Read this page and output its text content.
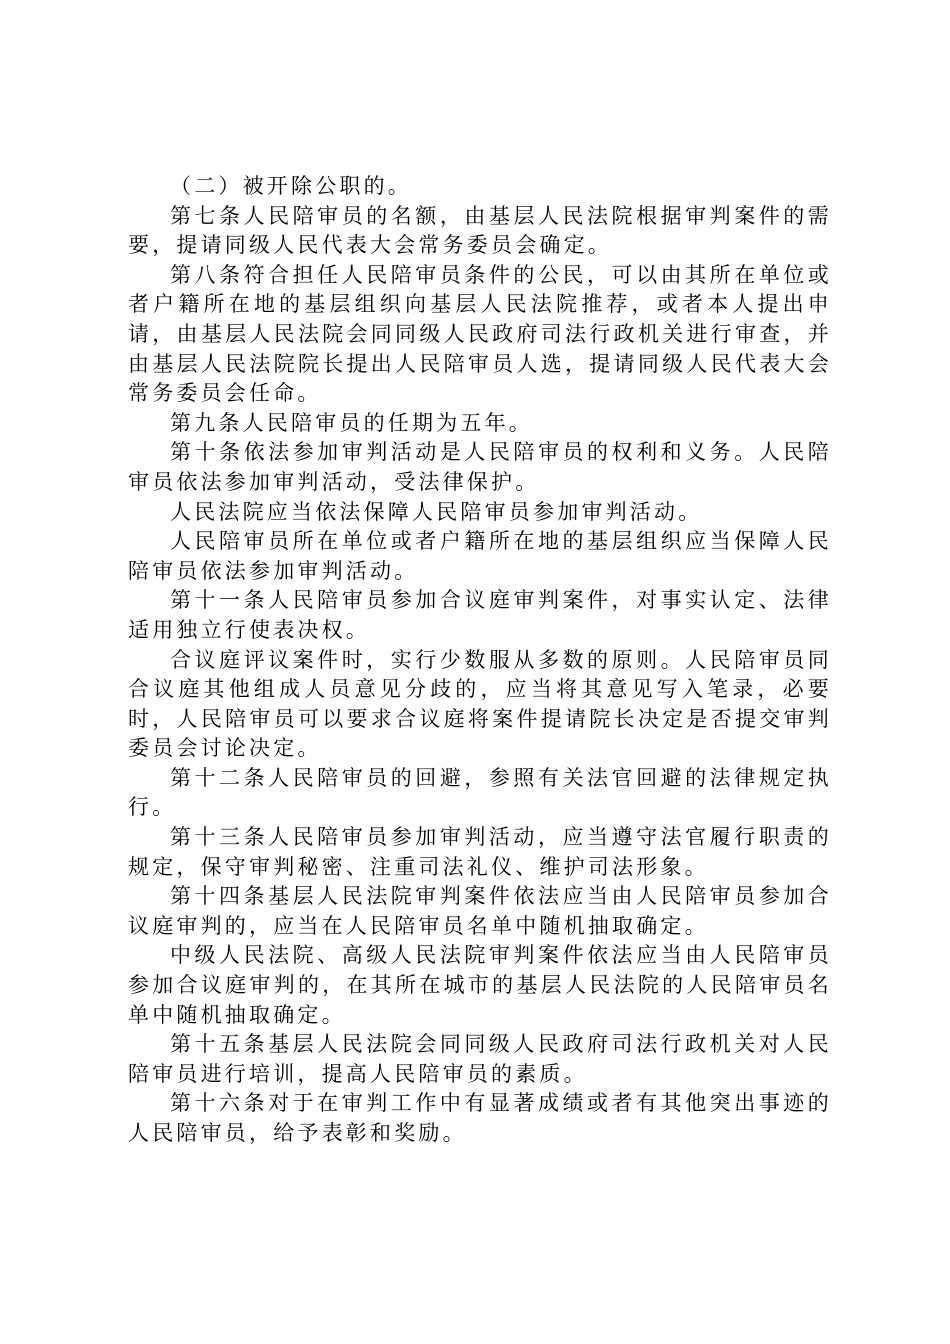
（二）被开除公职的。

第七条人民陪审员的名额，由基层人民法院根据审判案件的需要，提请同级人民代表大会常务委员会确定。

第八条符合担任人民陪审员条件的公民，可以由其所在单位或者户籍所在地的基层组织向基层人民法院推荐，或者本人提出申请，由基层人民法院会同同级人民政府司法行政机关进行审查，并由基层人民法院院长提出人民陪审员人选，提请同级人民代表大会常务委员会任命。

第九条人民陪审员的任期为五年。

第十条依法参加审判活动是人民陪审员的权利和义务。人民陪审员依法参加审判活动，受法律保护。

人民法院应当依法保障人民陪审员参加审判活动。

人民陪审员所在单位或者户籍所在地的基层组织应当保障人民陪审员依法参加审判活动。

第十一条人民陪审员参加合议庭审判案件，对事实认定、法律适用独立行使表决权。

合议庭评议案件时，实行少数服从多数的原则。人民陪审员同合议庭其他组成人员意见分歧的，应当将其意见写入笔录，必要时，人民陪审员可以要求合议庭将案件提请院长决定是否提交审判委员会讨论决定。

第十二条人民陪审员的回避，参照有关法官回避的法律规定执行。

第十三条人民陪审员参加审判活动，应当遵守法官履行职责的规定，保守审判秘密、注重司法礼仪、维护司法形象。

第十四条基层人民法院审判案件依法应当由人民陪审员参加合议庭审判的，应当在人民陪审员名单中随机抽取确定。

中级人民法院、高级人民法院审判案件依法应当由人民陪审员参加合议庭审判的，在其所在城市的基层人民法院的人民陪审员名单中随机抽取确定。

第十五条基层人民法院会同同级人民政府司法行政机关对人民陪审员进行培训，提高人民陪审员的素质。

第十六条对于在审判工作中有显著成绩或者有其他突出事迹的人民陪审员，给予表彰和奖励。
